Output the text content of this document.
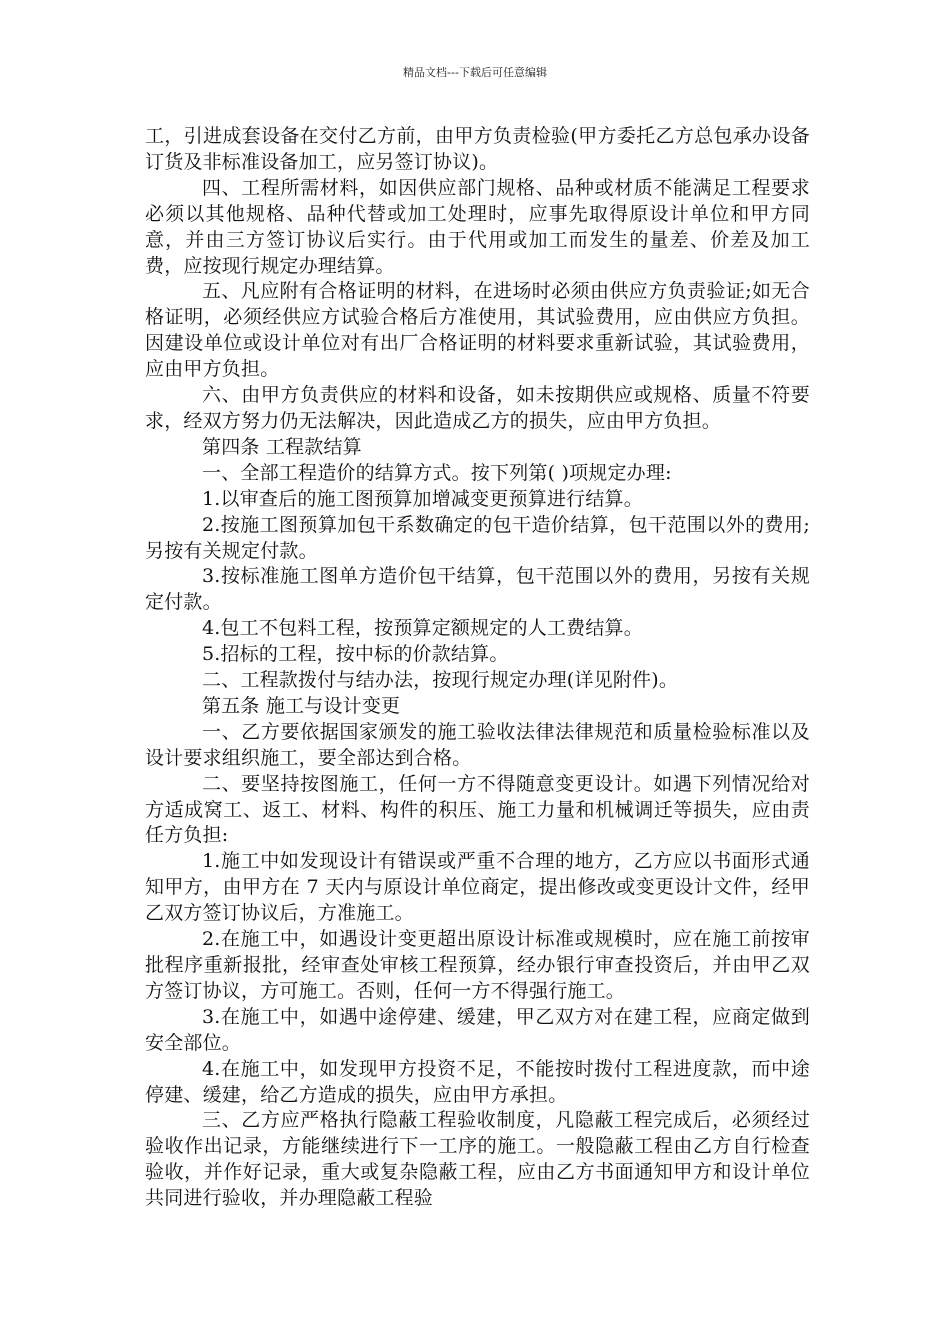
精品文档---下载后可任意编辑

工，引进成套设备在交付乙方前，由甲方负责检验(甲方委托乙方总包承办设备订货及非标准设备加工，应另签订协议)。

四、工程所需材料，如因供应部门规格、品种或材质不能满足工程要求必须以其他规格、品种代替或加工处理时，应事先取得原设计单位和甲方同意，并由三方签订协议后实行。由于代用或加工而发生的量差、价差及加工费，应按现行规定办理结算。

五、凡应附有合格证明的材料，在进场时必须由供应方负责验证;如无合格证明，必须经供应方试验合格后方准使用，其试验费用，应由供应方负担。因建设单位或设计单位对有出厂合格证明的材料要求重新试验，其试验费用，应由甲方负担。

六、由甲方负责供应的材料和设备，如未按期供应或规格、质量不符要求，经双方努力仍无法解决，因此造成乙方的损失，应由甲方负担。

第四条 工程款结算

一、全部工程造价的结算方式。按下列第( )项规定办理:

1.以审查后的施工图预算加增减变更预算进行结算。

2.按施工图预算加包干系数确定的包干造价结算，包干范围以外的费用;另按有关规定付款。

3.按标准施工图单方造价包干结算，包干范围以外的费用，另按有关规定付款。

4.包工不包料工程，按预算定额规定的人工费结算。

5.招标的工程，按中标的价款结算。

二、工程款拨付与结办法，按现行规定办理(详见附件)。

第五条 施工与设计变更

一、乙方要依据国家颁发的施工验收法律法律规范和质量检验标准以及设计要求组织施工，要全部达到合格。

二、要坚持按图施工，任何一方不得随意变更设计。如遇下列情况给对方适成窝工、返工、材料、构件的积压、施工力量和机械调迁等损失，应由责任方负担:

1.施工中如发现设计有错误或严重不合理的地方，乙方应以书面形式通知甲方，由甲方在 7 天内与原设计单位商定，提出修改或变更设计文件，经甲乙双方签订协议后，方准施工。

2.在施工中，如遇设计变更超出原设计标准或规模时，应在施工前按审批程序重新报批，经审查处审核工程预算，经办银行审查投资后，并由甲乙双方签订协议，方可施工。否则，任何一方不得强行施工。

3.在施工中，如遇中途停建、缓建，甲乙双方对在建工程，应商定做到安全部位。

4.在施工中，如发现甲方投资不足，不能按时拨付工程进度款，而中途停建、缓建，给乙方造成的损失，应由甲方承担。

三、乙方应严格执行隐蔽工程验收制度，凡隐蔽工程完成后，必须经过验收作出记录，方能继续进行下一工序的施工。一般隐蔽工程由乙方自行检查验收，并作好记录，重大或复杂隐蔽工程，应由乙方书面通知甲方和设计单位共同进行验收，并办理隐蔽工程验
